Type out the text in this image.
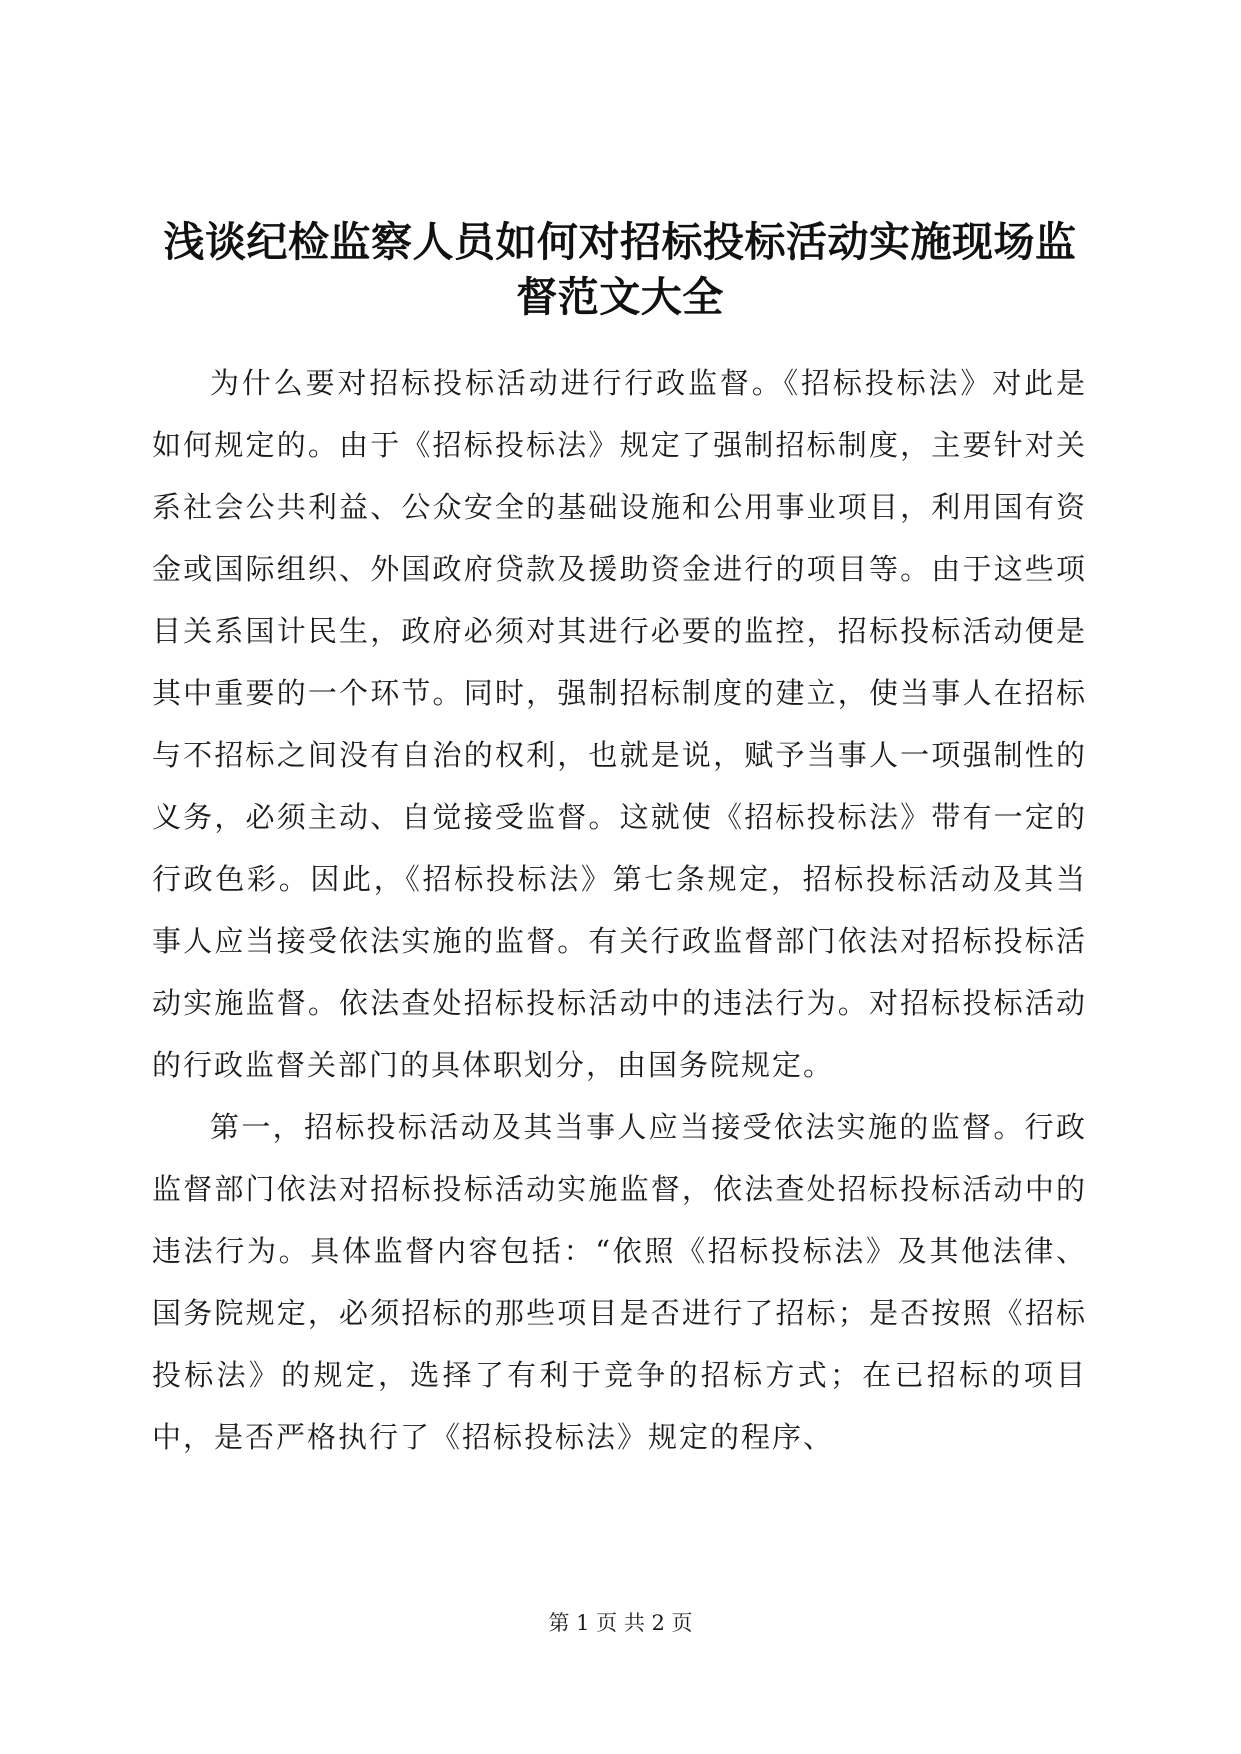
浅谈纪检监察人员如何对招标投标活动实施现场监督范文大全

为什么要对招标投标活动进行行政监督。《招标投标法》对此是如何规定的。由于《招标投标法》规定了强制招标制度，主要针对关系社会公共利益、公众安全的基础设施和公用事业项目，利用国有资金或国际组织、外国政府贷款及援助资金进行的项目等。由于这些项目关系国计民生，政府必须对其进行必要的监控，招标投标活动便是其中重要的一个环节。同时，强制招标制度的建立，使当事人在招标与不招标之间没有自治的权利，也就是说，赋予当事人一项强制性的义务，必须主动、自觉接受监督。这就使《招标投标法》带有一定的行政色彩。因此，《招标投标法》第七条规定，招标投标活动及其当事人应当接受依法实施的监督。有关行政监督部门依法对招标投标活动实施监督。依法查处招标投标活动中的违法行为。对招标投标活动的行政监督关部门的具体职划分，由国务院规定。

第一，招标投标活动及其当事人应当接受依法实施的监督。行政监督部门依法对招标投标活动实施监督，依法查处招标投标活动中的违法行为。具体监督内容包括：“依照《招标投标法》及其他法律、国务院规定，必须招标的那些项目是否进行了招标；是否按照《招标投标法》的规定，选择了有利于竞争的招标方式；在已招标的项目中，是否严格执行了《招标投标法》规定的程序、

第 1 页 共 2 页
